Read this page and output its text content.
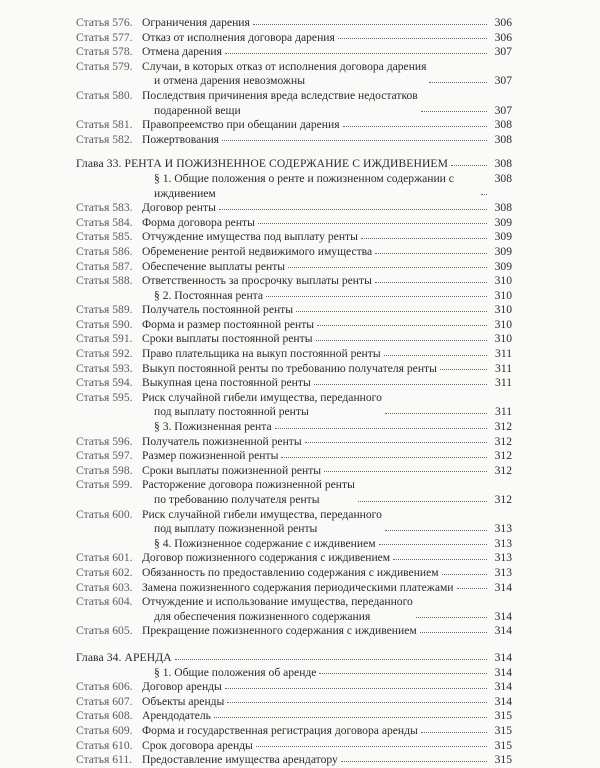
Статья 576. Ограничения дарения	306
Статья 577. Отказ от исполнения договора дарения	306
Статья 578. Отмена дарения	307
Статья 579. Случаи, в которых отказ от исполнения договора дарения
и отмена дарения невозможны	307
Статья 580. Последствия причинения вреда вследствие недостатков
подаренной вещи	307
Статья 581. Правопреемство при обещании дарения	308
Статья 582. Пожертвования	308
Глава 33. РЕНТА И ПОЖИЗНЕННОЕ СОДЕРЖАНИЕ С ИЖДИВЕНИЕМ	308
§ 1. Общие положения о ренте и пожизненном содержании с иждивением
308
Статья 583. Договор ренты	308
Статья 584. Форма договора ренты	309
Статья 585. Отчуждение имущества под выплату ренты	309
Статья 586. Обременение рентой недвижимого имущества	309
Статья 587. Обеспечение выплаты ренты	309
Статья 588. Ответственность за просрочку выплаты ренты	310
§ 2. Постоянная рента	310
Статья 589. Получатель постоянной ренты	310
Статья 590. Форма и размер постоянной ренты	310
Статья 591. Сроки выплаты постоянной ренты	310
Статья 592. Право плательщика на выкуп постоянной ренты	311
Статья 593. Выкуп постоянной ренты по требованию получателя ренты	311
Статья 594. Выкупная цена постоянной ренты	311
Статья 595. Риск случайной гибели имущества, переданного
под выплату постоянной ренты	311
§ 3. Пожизненная рента	312
Статья 596. Получатель пожизненной ренты	312
Статья 597. Размер пожизненной ренты	312
Статья 598. Сроки выплаты пожизненной ренты	312
Статья 599. Расторжение договора пожизненной ренты
по требованию получателя ренты	312
Статья 600. Риск случайной гибели имущества, переданного
под выплату пожизненной ренты	313
§ 4. Пожизненное содержание с иждивением	313
Статья 601. Договор пожизненного содержания с иждивением	313
Статья 602. Обязанность по предоставлению содержания с иждивением	313
Статья 603. Замена пожизненного содержания периодическими платежами	314
Статья 604. Отчуждение и использование имущества, переданного
для обеспечения пожизненного содержания	314
Статья 605. Прекращение пожизненного содержания с иждивением	314
Глава 34. АРЕНДА	314
§ 1. Общие положения об аренде	314
Статья 606. Договор аренды	314
Статья 607. Объекты аренды	314
Статья 608. Арендодатель	315
Статья 609. Форма и государственная регистрация договора аренды	315
Статья 610. Срок договора аренды	315
Статья 611. Предоставление имущества арендатору	315
